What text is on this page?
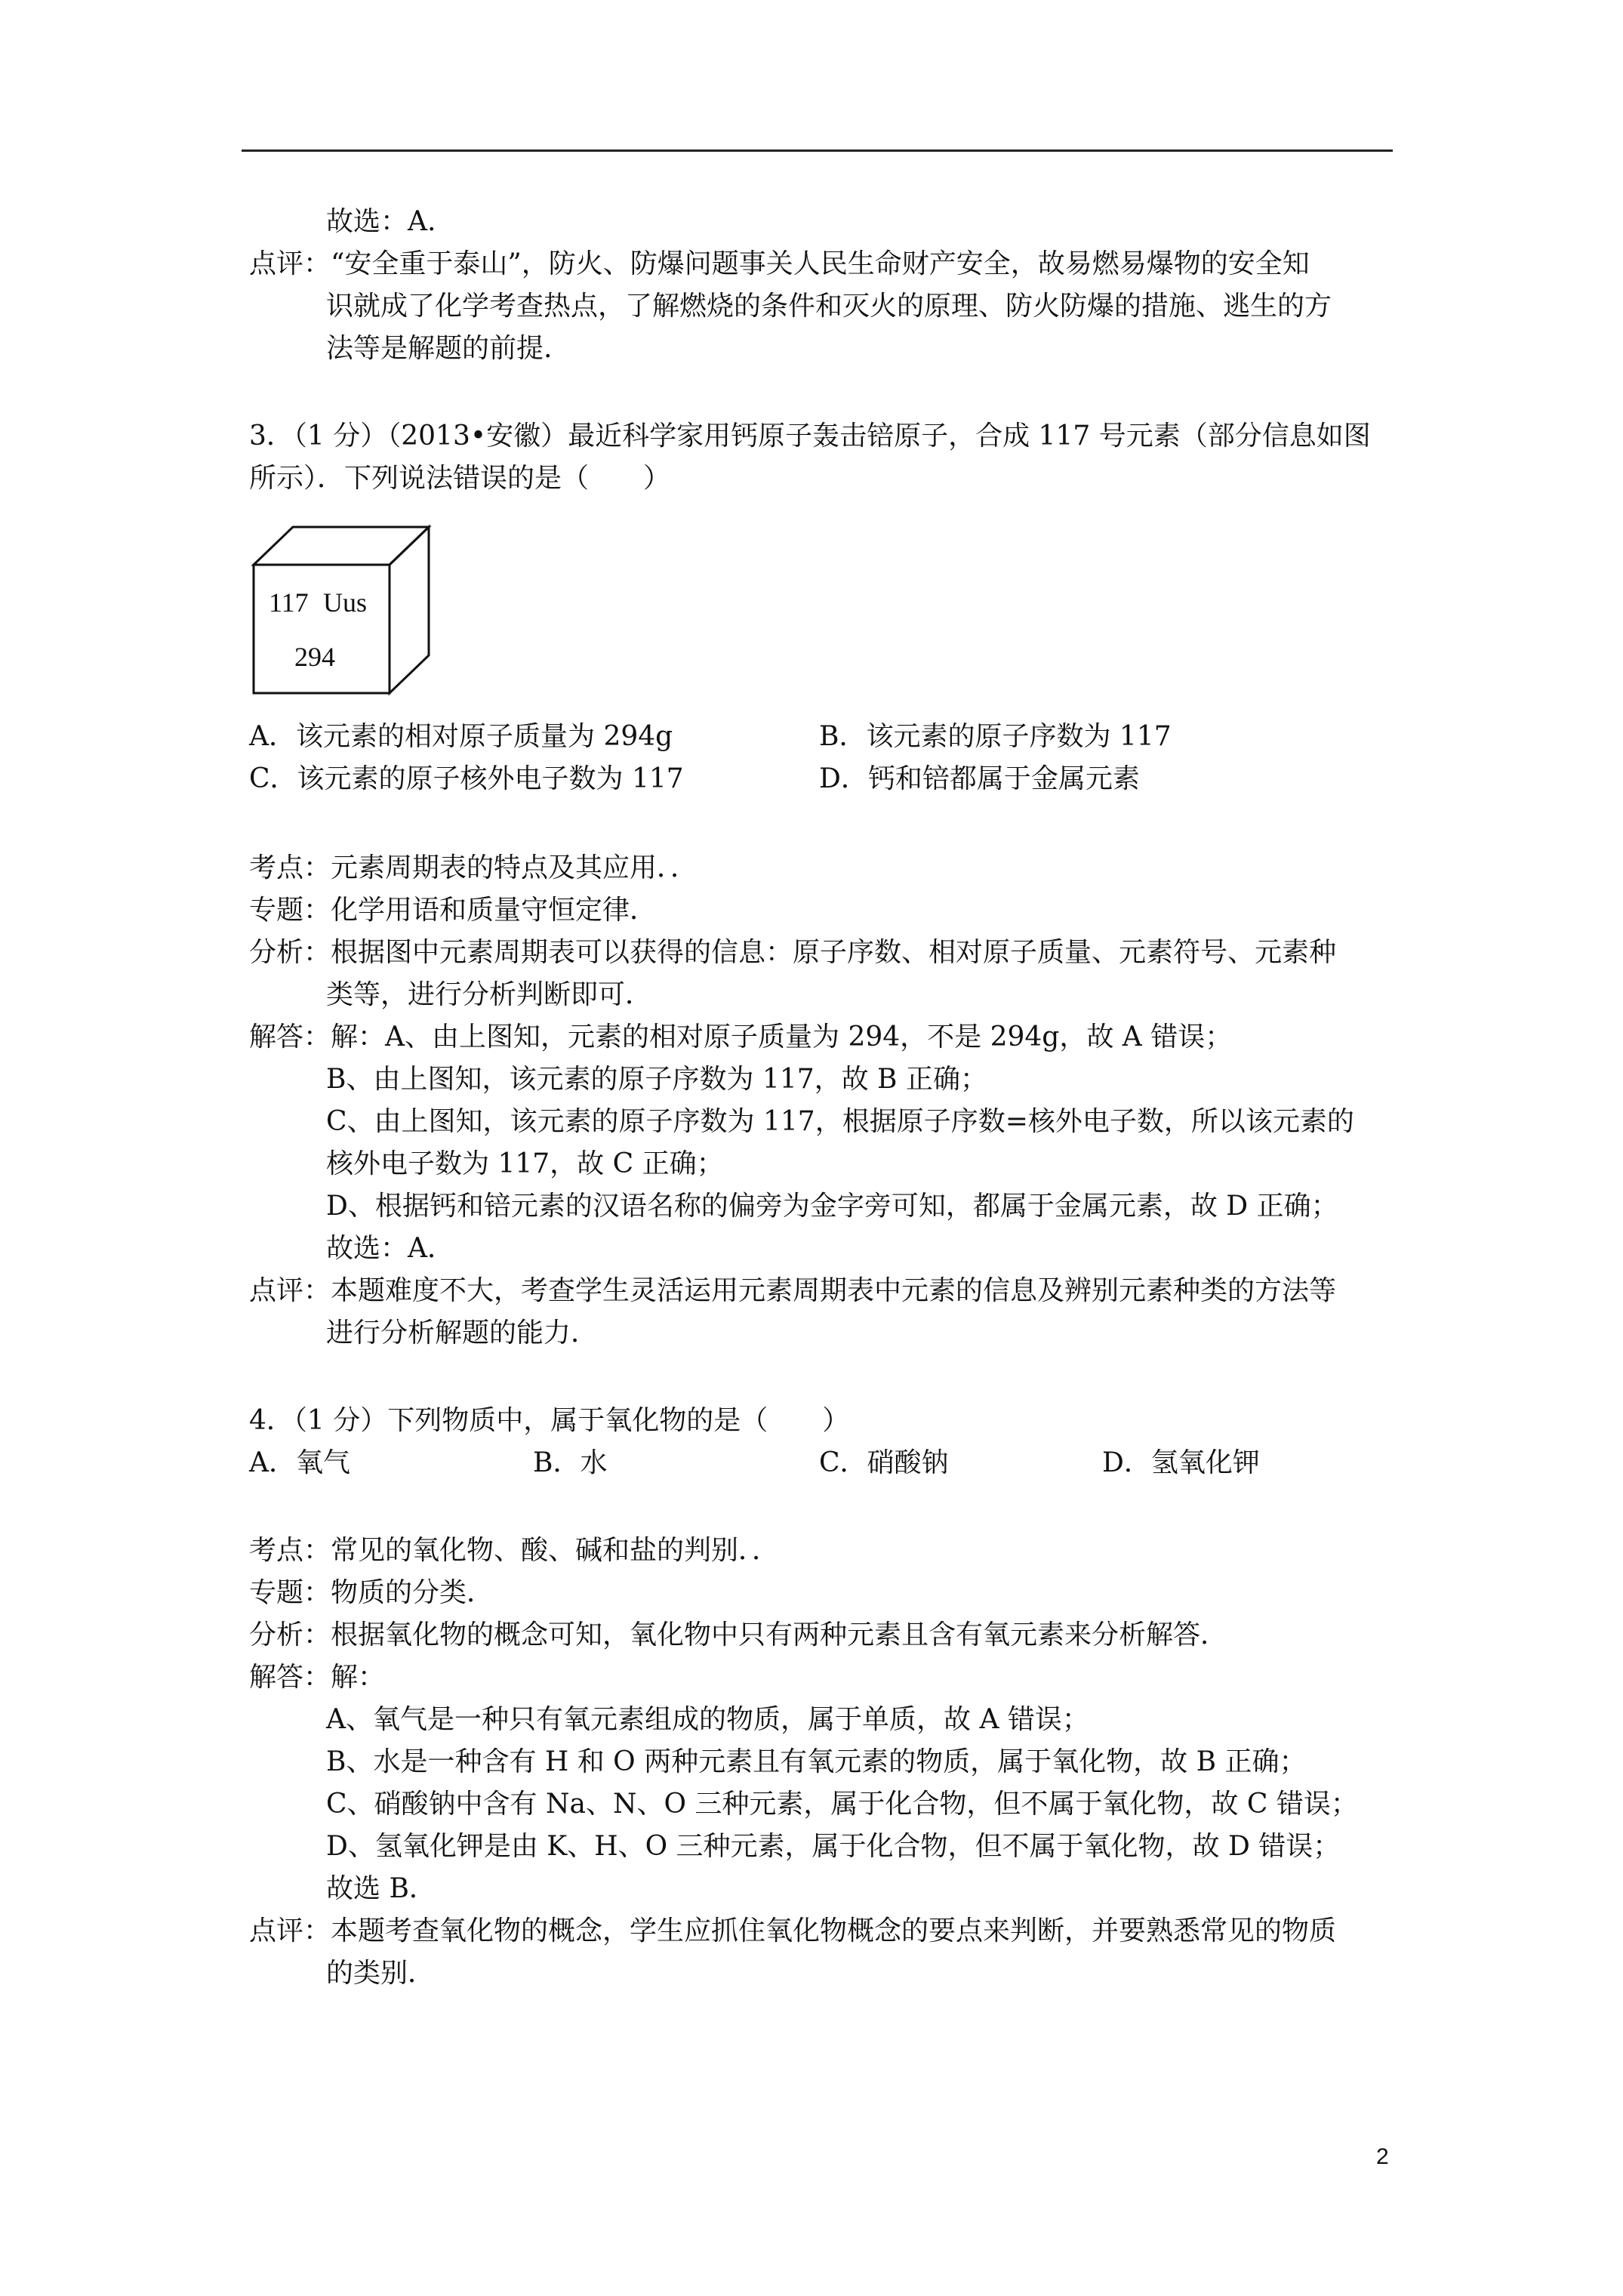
故选：A.
点评：“安全重于泰山”，防火、防爆问题事关人民生命财产安全，故易燃易爆物的安全知
识就成了化学考查热点，了解燃烧的条件和灭火的原理、防火防爆的措施、逃生的方
法等是解题的前提.
3．（1 分）（2013•安徽）最近科学家用钙原子轰击锫原子，合成 117 号元素（部分信息如图
所示）．下列说法错误的是（　　）
117 Uus
294
A．该元素的相对原子质量为 294g	B．该元素的原子序数为 117
C．该元素的原子核外电子数为 117	D．钙和锫都属于金属元素
考点：元素周期表的特点及其应用．．
专题：化学用语和质量守恒定律．
分析：根据图中元素周期表可以获得的信息：原子序数、相对原子质量、元素符号、元素种
类等，进行分析判断即可．
解答：解：A、由上图知，元素的相对原子质量为 294，不是 294g，故 A 错误；
B、由上图知，该元素的原子序数为 117，故 B 正确；
C、由上图知，该元素的原子序数为 117，根据原子序数=核外电子数，所以该元素的
核外电子数为 117，故 C 正确；
D、根据钙和锫元素的汉语名称的偏旁为金字旁可知，都属于金属元素，故 D 正确；
故选：A．
点评：本题难度不大，考查学生灵活运用元素周期表中元素的信息及辨别元素种类的方法等
进行分析解题的能力．
4．（1 分）下列物质中，属于氧化物的是（　　）
A．氧气	B．水	C．硝酸钠	D．氢氧化钾
考点：常见的氧化物、酸、碱和盐的判别．．
专题：物质的分类．
分析：根据氧化物的概念可知，氧化物中只有两种元素且含有氧元素来分析解答．
解答：解：
A、氧气是一种只有氧元素组成的物质，属于单质，故 A 错误；
B、水是一种含有 H 和 O 两种元素且有氧元素的物质，属于氧化物，故 B 正确；
C、硝酸钠中含有 Na、N、O 三种元素，属于化合物，但不属于氧化物，故 C 错误；
D、氢氧化钾是由 K、H、O 三种元素，属于化合物，但不属于氧化物，故 D 错误；
故选 B．
点评：本题考查氧化物的概念，学生应抓住氧化物概念的要点来判断，并要熟悉常见的物质
的类别．
2
